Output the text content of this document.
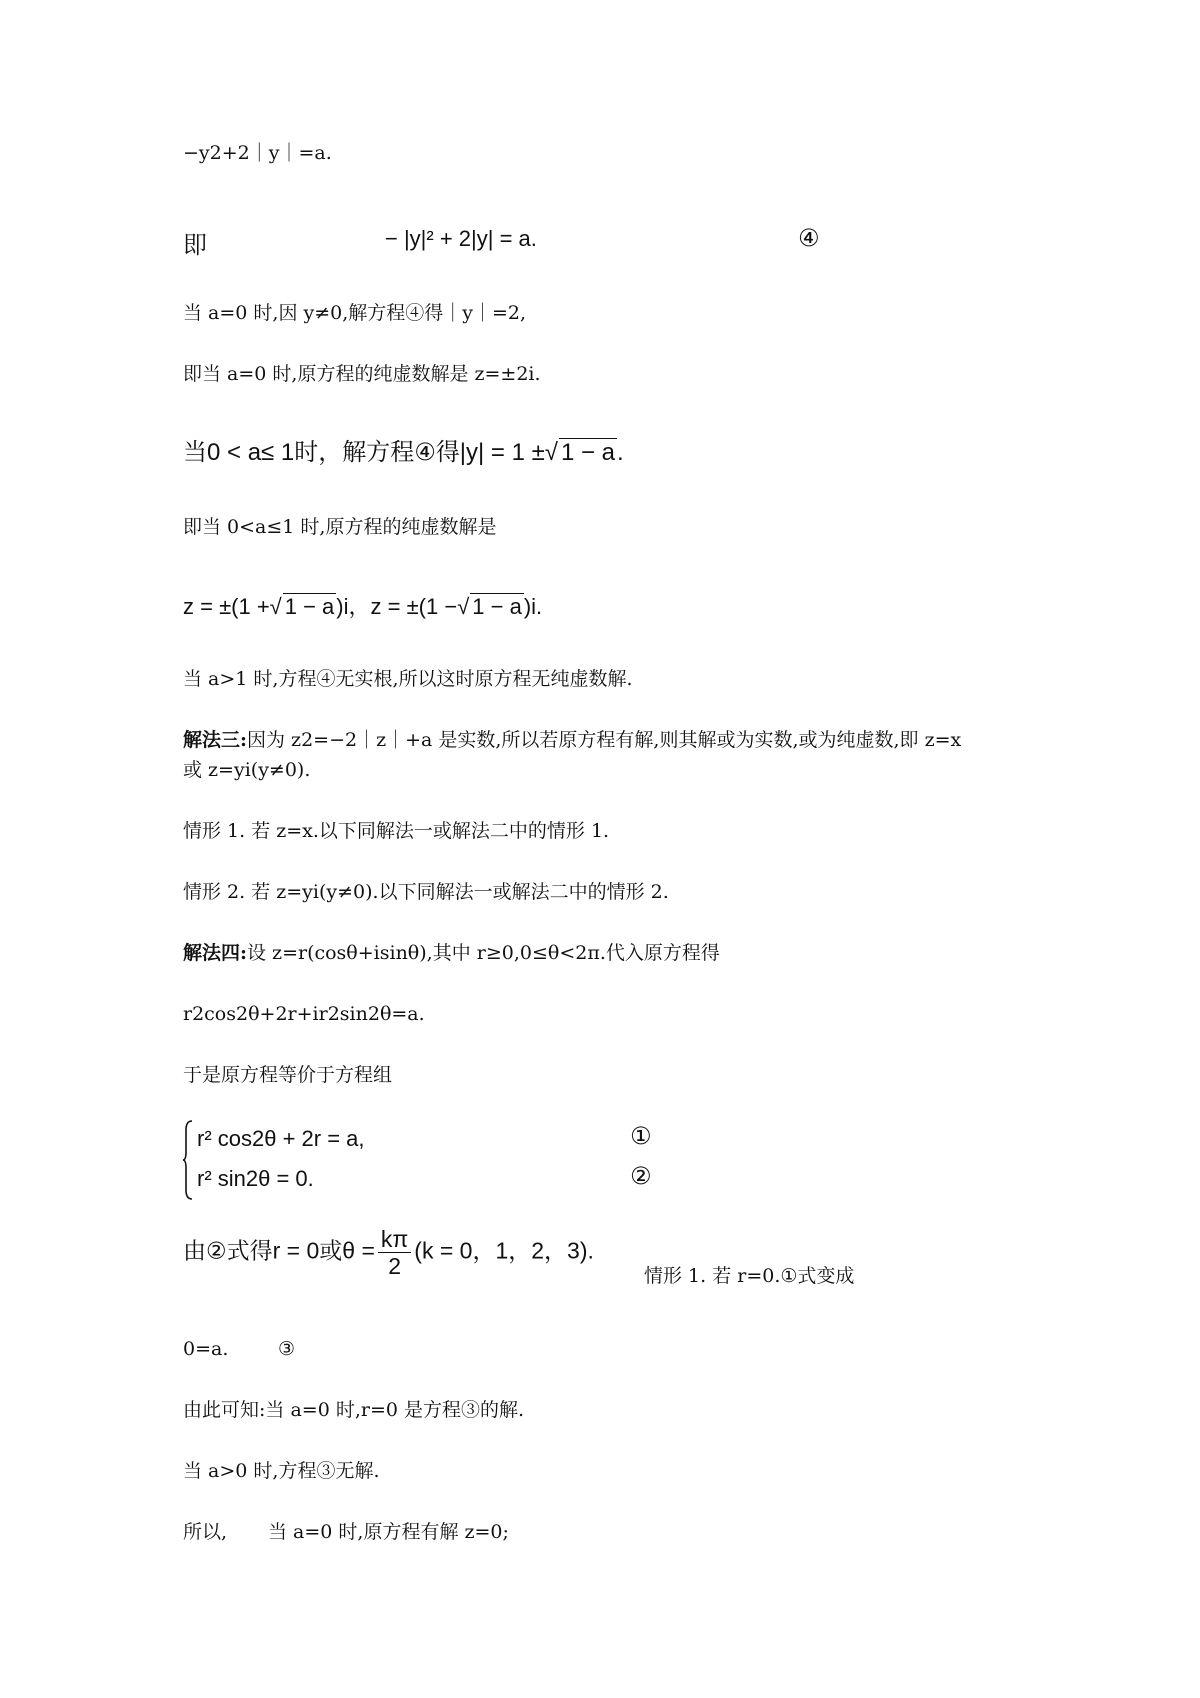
−y2+2｜y｜=a.
即	− |y|² + 2|y| = a.	④
当 a=0 时,因 y≠0,解方程④得｜y｜=2,
即当 a=0 时,原方程的纯虚数解是 z=±2i.
当0 < a≤ 1时，解方程④得|y| = 1 ±√ 1 − a.
即当 0<a≤1 时,原方程的纯虚数解是
z = ±(1 +√ 1 − a)i，z = ±(1 −√ 1 − a)i.
当 a>1 时,方程④无实根,所以这时原方程无纯虚数解.
解法三:因为 z2=−2｜z｜+a 是实数,所以若原方程有解,则其解或为实数,或为纯虚数,即 z=x
或 z=yi(y≠0).
情形 1. 若 z=x.以下同解法一或解法二中的情形 1.
情形 2. 若 z=yi(y≠0).以下同解法一或解法二中的情形 2.
解法四:设 z=r(cosθ+isinθ),其中 r≥0,0≤θ<2π.代入原方程得
r2cos2θ+2r+ir2sin2θ=a.
于是原方程等价于方程组
r² cos2θ + 2r = a,	①
r² sin2θ = 0.	②
由②式得r = 0或$\theta = \frac{k\pi}{2} (k = 0$，1，2，3).
情形 1. 若 r=0.①式变成
0=a.	③
由此可知:当 a=0 时,r=0 是方程③的解.
当 a>0 时,方程③无解.
所以, 当 a=0 时,原方程有解 z=0;
